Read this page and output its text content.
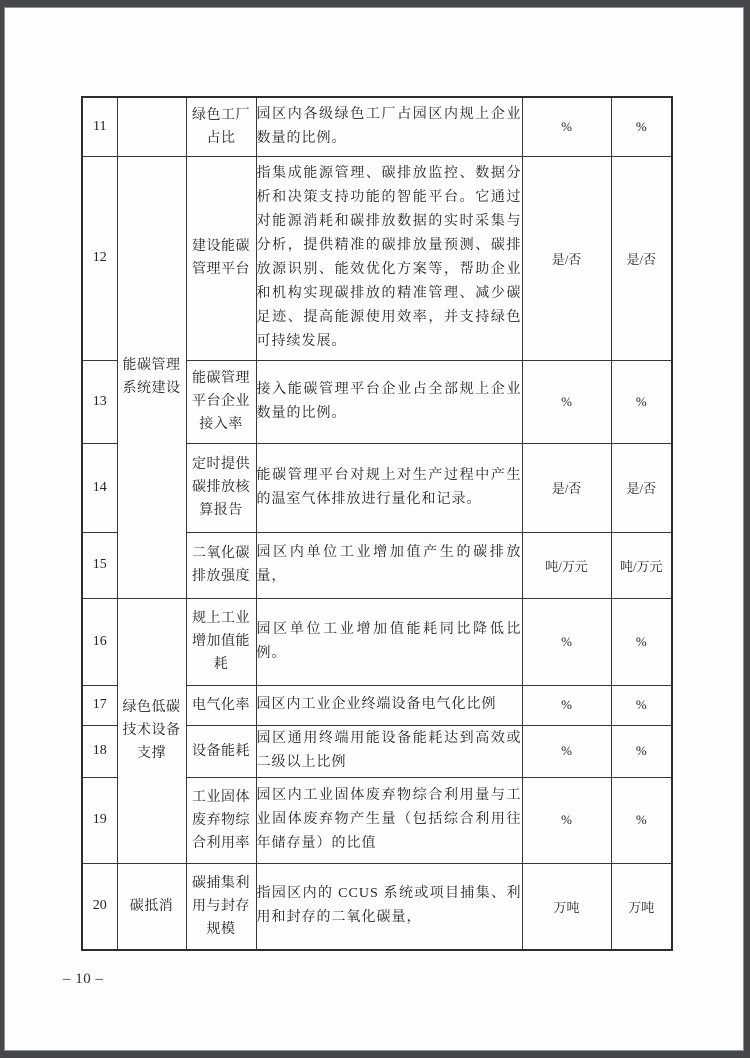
11		绿色工厂占比	园区内各级绿色工厂占园区内规上企业数量的比例。	%	%
12	能碳管理系统建设	建设能碳管理平台	指集成能源管理、碳排放监控、数据分析和决策支持功能的智能平台。它通过对能源消耗和碳排放数据的实时采集与分析，提供精准的碳排放量预测、碳排放源识别、能效优化方案等，帮助企业和机构实现碳排放的精准管理、减少碳足迹、提高能源使用效率，并支持绿色可持续发展。	是/否	是/否
13		能碳管理平台企业接入率	接入能碳管理平台企业占全部规上企业数量的比例。	%	%
14		定时提供碳排放核算报告	能碳管理平台对规上对生产过程中产生的温室气体排放进行量化和记录。	是/否	是/否
15		二氧化碳排放强度	园区内单位工业增加值产生的碳排放量，	吨/万元	吨/万元
16	绿色低碳技术设备支撑	规上工业增加值能耗	园区单位工业增加值能耗同比降低比例。	%	%
17		电气化率	园区内工业企业终端设备电气化比例	%	%
18		设备能耗	园区通用终端用能设备能耗达到高效或二级以上比例	%	%
19		工业固体废弃物综合利用率	园区内工业固体废弃物综合利用量与工业固体废弃物产生量（包括综合利用往年储存量）的比值	%	%
20	碳抵消	碳捕集利用与封存规模	指园区内的 CCUS 系统或项目捕集、利用和封存的二氧化碳量，	万吨	万吨
– 10 –
